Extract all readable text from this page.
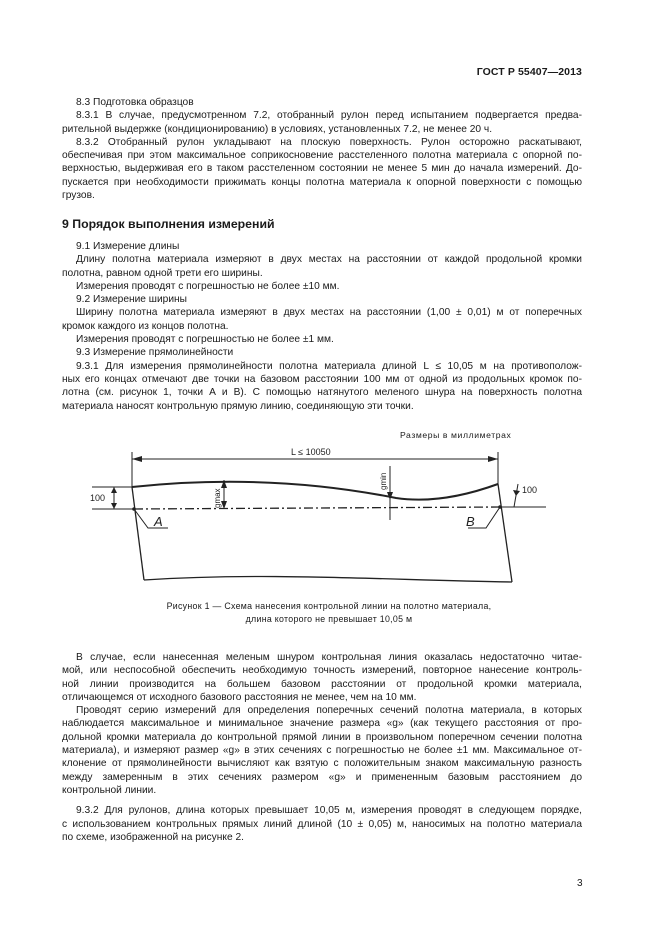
ГОСТ Р 55407—2013

8.3 Подготовка образцов

8.3.1 В случае, предусмотренном 7.2, отобранный рулон перед испытанием подвергается предва-

рительной выдержке (кондиционированию) в условиях, установленных 7.2, не менее 20 ч.

8.3.2 Отобранный рулон укладывают на плоскую поверхность. Рулон осторожно раскатывают,

обеспечивая при этом максимальное соприкосновение расстеленного полотна материала с опорной по-

верхностью, выдерживая его в таком расстеленном состоянии не менее 5 мин до начала измерений. До-

пускается при необходимости прижимать концы полотна материала к опорной поверхности с помощью

грузов.

9 Порядок выполнения измерений

9.1 Измерение длины

Длину полотна материала измеряют в двух местах на расстоянии от каждой продольной кромки

полотна, равном одной трети его ширины.

Измерения проводят с погрешностью не более ±10 мм.

9.2 Измерение ширины

Ширину полотна материала измеряют в двух местах на расстоянии (1,00 ± 0,01) м от поперечных

кромок каждого из концов полотна.

Измерения проводят с погрешностью не более ±1 мм.

9.3 Измерение прямолинейности

9.3.1 Для измерения прямолинейности полотна материала длиной L ≤ 10,05 м на противополож-

ных его концах отмечают две точки на базовом расстоянии 100 мм от одной из продольных кромок по-

лотна (см. рисунок 1, точки А и В). С помощью натянутого меленого шнура на поверхность полотна

материала наносят контрольную прямую линию, соединяющую эти точки.

Размеры в миллиметрах
L ≤ 10050
100
100
gmax
gmin
A	B
Рисунок 1 — Схема нанесения контрольной линии на полотно материала,
длина которого не превышает 10,05 м

В случае, если нанесенная меленым шнуром контрольная линия оказалась недостаточно читае-

мой, или неспособной обеспечить необходимую точность измерений, повторное нанесение контроль-

ной линии производится на большем базовом расстоянии от продольной кромки материала,

отличающемся от исходного базового расстояния не менее, чем на 10 мм.

Проводят серию измерений для определения поперечных сечений полотна материала, в которых

наблюдается максимальное и минимальное значение размера «g» (как текущего расстояния от про-

дольной кромки материала до контрольной прямой линии в произвольном поперечном сечении полотна

материала), и измеряют размер «g» в этих сечениях с погрешностью не более ±1 мм. Максимальное от-

клонение от прямолинейности вычисляют как взятую с положительным знаком максимальную разность

между замеренным в этих сечениях размером «g» и примененным базовым расстоянием до

контрольной линии.

9.3.2 Для рулонов, длина которых превышает 10,05 м, измерения проводят в следующем порядке,

с использованием контрольных прямых линий длиной (10 ± 0,05) м, наносимых на полотно материала

по схеме, изображенной на рисунке 2.

3
